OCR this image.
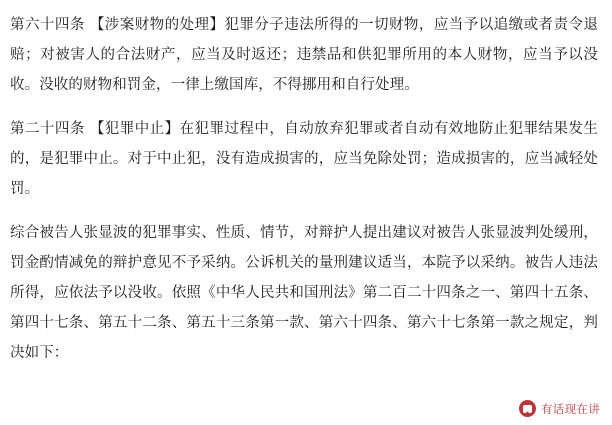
第六十四条 【涉案财物的处理】犯罪分子违法所得的一切财物，应当予以追缴或者责令退赔；对被害人的合法财产，应当及时返还；违禁品和供犯罪所用的本人财物，应当予以没收。没收的财物和罚金，一律上缴国库，不得挪用和自行处理。

第二十四条 【犯罪中止】在犯罪过程中，自动放弃犯罪或者自动有效地防止犯罪结果发生的，是犯罪中止。对于中止犯，没有造成损害的，应当免除处罚；造成损害的，应当减轻处罚。

综合被告人张显波的犯罪事实、性质、情节，对辩护人提出建议对被告人张显波判处缓刑，罚金酌情减免的辩护意见不予采纳。公诉机关的量刑建议适当，本院予以采纳。被告人违法所得，应依法予以没收。依照《中华人民共和国刑法》第二百二十四条之一、第四十五条、第四十七条、第五十二条、第五十三条第一款、第六十四条、第六十七条第一款之规定，判决如下：

有话现在讲
